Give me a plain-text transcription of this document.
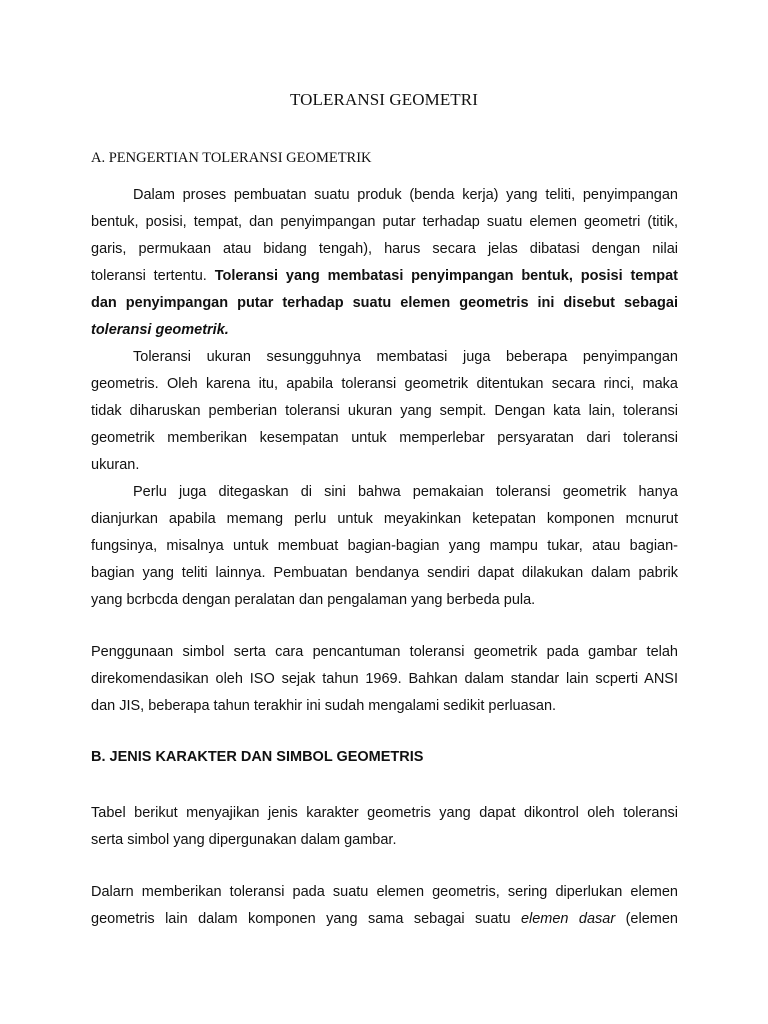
TOLERANSI GEOMETRI
A. PENGERTIAN TOLERANSI GEOMETRIK
Dalam proses pembuatan suatu produk (benda kerja) yang teliti, penyimpangan
bentuk, posisi, tempat, dan penyimpangan putar terhadap suatu elemen geometri (titik,
garis, permukaan atau bidang tengah), harus secara jelas dibatasi dengan nilai
toleransi tertentu. Toleransi yang membatasi penyimpangan bentuk, posisi tempat
dan penyimpangan putar terhadap suatu elemen geometris ini disebut sebagai
toleransi geometrik.
Toleransi ukuran sesungguhnya membatasi juga beberapa penyimpangan
geometris. Oleh karena itu, apabila toleransi geometrik ditentukan secara rinci, maka
tidak diharuskan pemberian toleransi ukuran yang sempit. Dengan kata lain, toleransi
geometrik memberikan kesempatan untuk memperlebar persyaratan dari toleransi
ukuran.
Perlu juga ditegaskan di sini bahwa pemakaian toleransi geometrik hanya
dianjurkan apabila memang perlu untuk meyakinkan ketepatan komponen mcnurut
fungsinya, misalnya untuk membuat bagian-bagian yang mampu tukar, atau bagian-
bagian yang teliti lainnya. Pembuatan bendanya sendiri dapat dilakukan dalam pabrik
yang bcrbcda dengan peralatan dan pengalaman yang berbeda pula.
Penggunaan simbol serta cara pencantuman toleransi geometrik pada gambar telah
direkomendasikan oleh ISO sejak tahun 1969. Bahkan dalam standar lain scperti ANSI
dan JIS, beberapa tahun terakhir ini sudah mengalami sedikit perluasan.
B. JENIS KARAKTER DAN SIMBOL GEOMETRIS
Tabel berikut menyajikan jenis karakter geometris yang dapat dikontrol oleh toleransi
serta simbol yang dipergunakan dalam gambar.
Dalarn memberikan toleransi pada suatu elemen geometris, sering diperlukan elemen
geometris lain dalam komponen yang sama sebagai suatu elemen dasar (elemen
